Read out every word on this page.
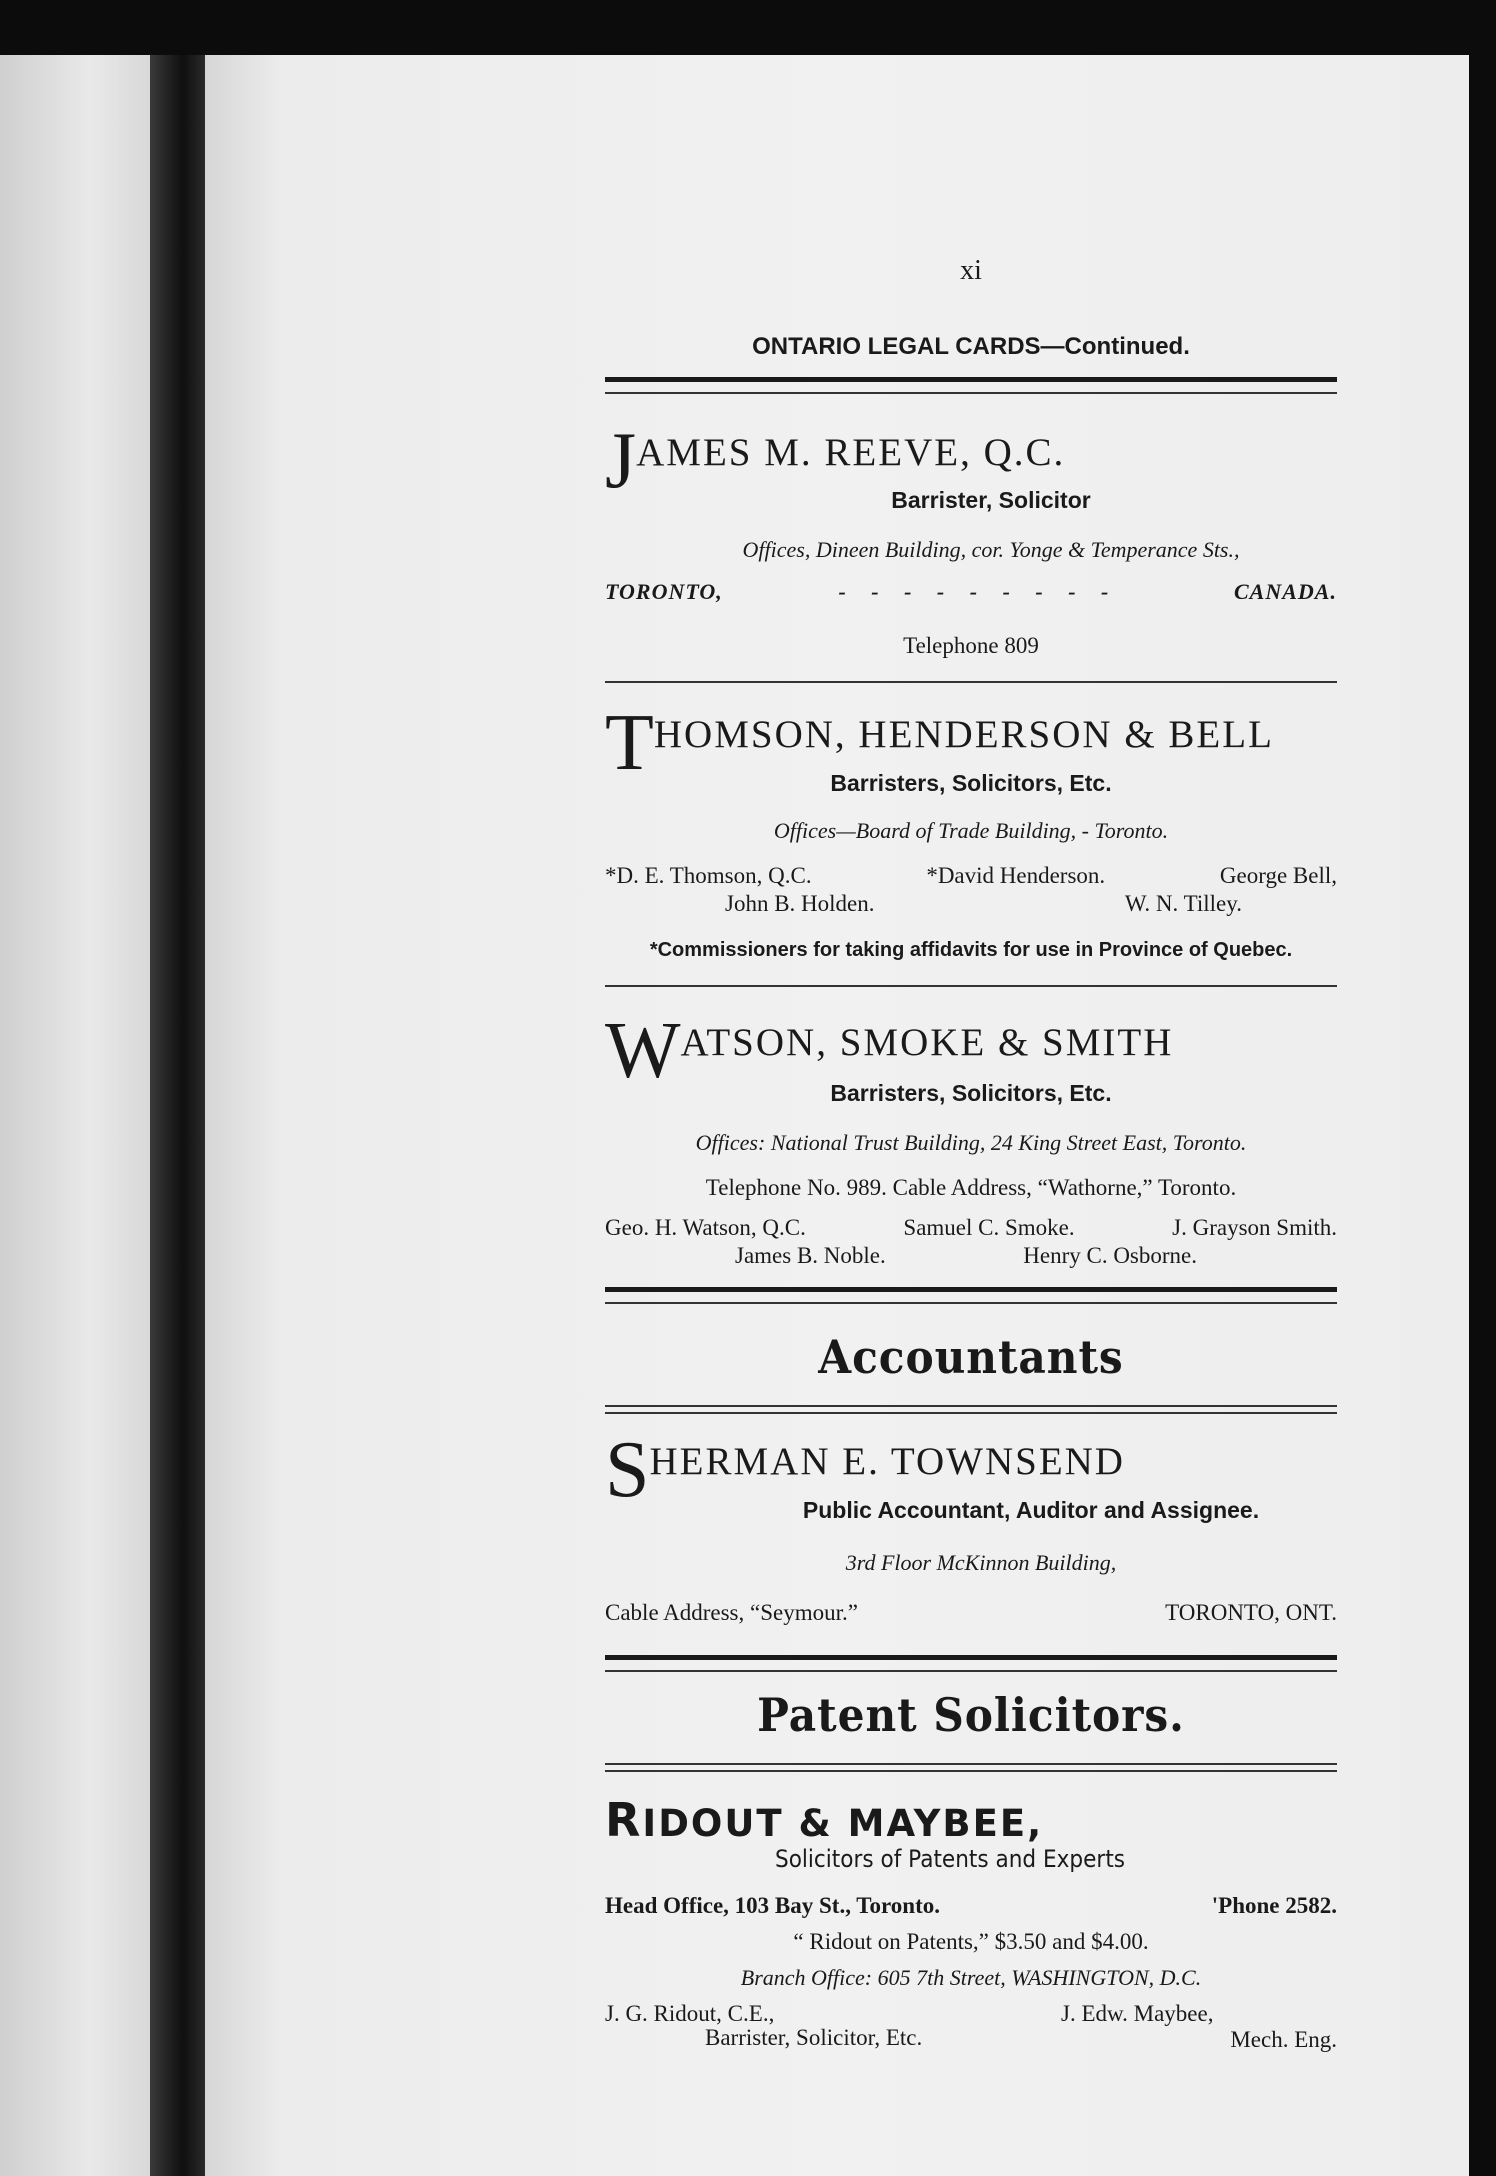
xi
ONTARIO LEGAL CARDS—Continued.
JAMES M. REEVE, Q.C.
Barrister, Solicitor
Offices, Dineen Building, cor. Yonge & Temperance Sts.,
TORONTO,	- - - - - - - - -	CANADA.
Telephone 809
THOMSON, HENDERSON & BELL
Barristers, Solicitors, Etc.
Offices—Board of Trade Building, - Toronto.
*D. E. Thomson, Q.C.	*David Henderson.	George Bell,
John B. Holden.	W. N. Tilley.
*Commissioners for taking affidavits for use in Province of Quebec.
WATSON, SMOKE & SMITH
Barristers, Solicitors, Etc.
Offices: National Trust Building, 24 King Street East, Toronto.
Telephone No. 989. Cable Address, “Wathorne,” Toronto.
Geo. H. Watson, Q.C.	Samuel C. Smoke.	J. Grayson Smith.
James B. Noble.	Henry C. Osborne.
Accountants
SHERMAN E. TOWNSEND
Public Accountant, Auditor and Assignee.
3rd Floor McKinnon Building,
Cable Address, “Seymour.”	TORONTO, ONT.
Patent Solicitors.
RIDOUT & MAYBEE,
Solicitors of Patents and Experts
Head Office, 103 Bay St., Toronto.	'Phone 2582.
“ Ridout on Patents,” $3.50 and $4.00.
Branch Office: 605 7th Street, WASHINGTON, D.C.
J. G. Ridout, C.E.,
Barrister, Solicitor, Etc.
J. Edw. Maybee,
Mech. Eng.
